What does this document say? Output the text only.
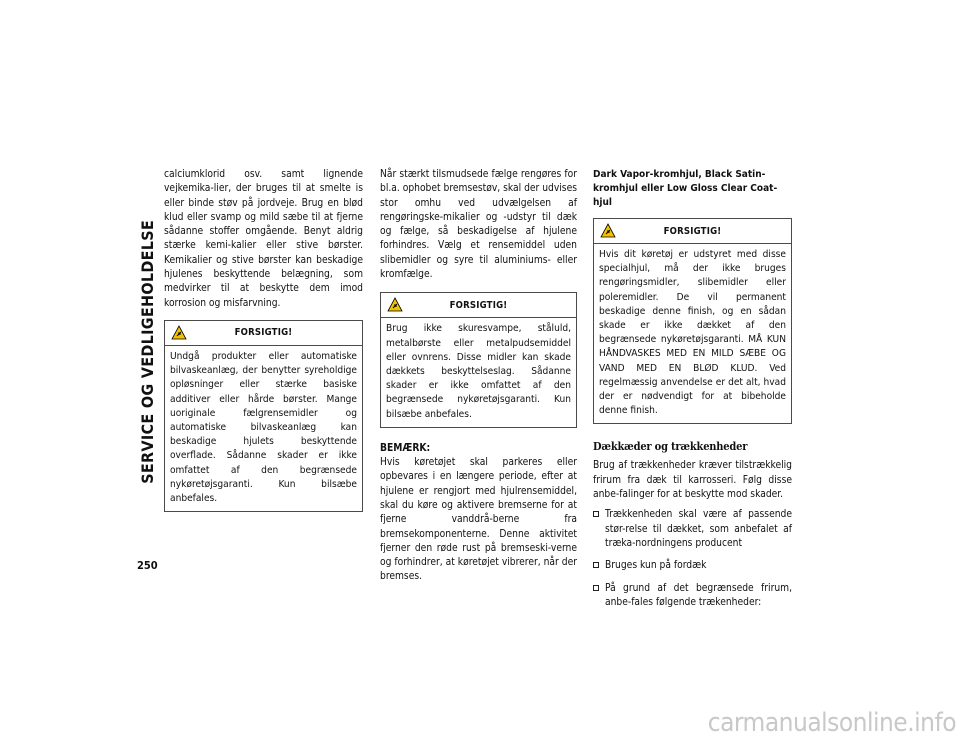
SERVICE OG VEDLIGEHOLDELSE
250

calciumklorid osv. samt lignende vejkemika-lier, der bruges til at smelte is eller binde støv på jordveje. Brug en blød klud eller svamp og mild sæbe til at fjerne sådanne stoffer omgående. Benyt aldrig stærke kemi-kalier eller stive børster. Kemikalier og stive børster kan beskadige hjulenes beskyttende belægning, som medvirker til at beskytte dem imod korrosion og misfarvning.

FORSIGTIG!

Undgå produkter eller automatiske bilvaskeanlæg, der benytter syreholdige opløsninger eller stærke basiske additiver eller hårde børster. Mange uoriginale fælgrensemidler og automatiske bilvaskeanlæg kan beskadige hjulets beskyttende overflade. Sådanne skader er ikke omfattet af den begrænsede nykøretøjsgaranti. Kun bilsæbe anbefales.

Når stærkt tilsmudsede fælge rengøres for bl.a. ophobet bremsestøv, skal der udvises stor omhu ved udvælgelsen af rengøringske-mikalier og -udstyr til dæk og fælge, så beskadigelse af hjulene forhindres. Vælg et rensemiddel uden slibemidler og syre til aluminiums- eller kromfælge.

FORSIGTIG!

Brug ikke skuresvampe, ståluld, metalbørste eller metalpudsemiddel eller ovnrens. Disse midler kan skade dækkets beskyttelseslag. Sådanne skader er ikke omfattet af den begrænsede nykøretøjsgaranti. Kun bilsæbe anbefales.

BEMÆRK:

Hvis køretøjet skal parkeres eller opbevares i en længere periode, efter at hjulene er rengjort med hjulrensemiddel, skal du køre og aktivere bremserne for at fjerne vanddrå-berne fra bremsekomponenterne. Denne aktivitet fjerner den røde rust på bremseski-verne og forhindrer, at køretøjet vibrerer, når der bremses.

Dark Vapor-kromhjul, Black Satin-kromhjul eller Low Gloss Clear Coat-hjul
FORSIGTIG!

Hvis dit køretøj er udstyret med disse specialhjul, må der ikke bruges rengøringsmidler, slibemidler eller poleremidler. De vil permanent beskadige denne finish, og en sådan skade er ikke dækket af den begrænsede nykøretøjsgaranti. MÅ KUN HÅNDVASKES MED EN MILD SÆBE OG VAND MED EN BLØD KLUD. Ved regelmæssig anvendelse er det alt, hvad der er nødvendigt for at bibeholde denne finish.

Dækkæder og trækkenheder

Brug af trækkenheder kræver tilstrækkelig frirum fra dæk til karrosseri. Følg disse anbe-falinger for at beskytte mod skader.

Trækkenheden skal være af passende stør-relse til dækket, som anbefalet af træka-nordningens producent
Bruges kun på fordæk
På grund af det begrænsede frirum, anbe-fales følgende trækenheder:
carmanualsonline.info
